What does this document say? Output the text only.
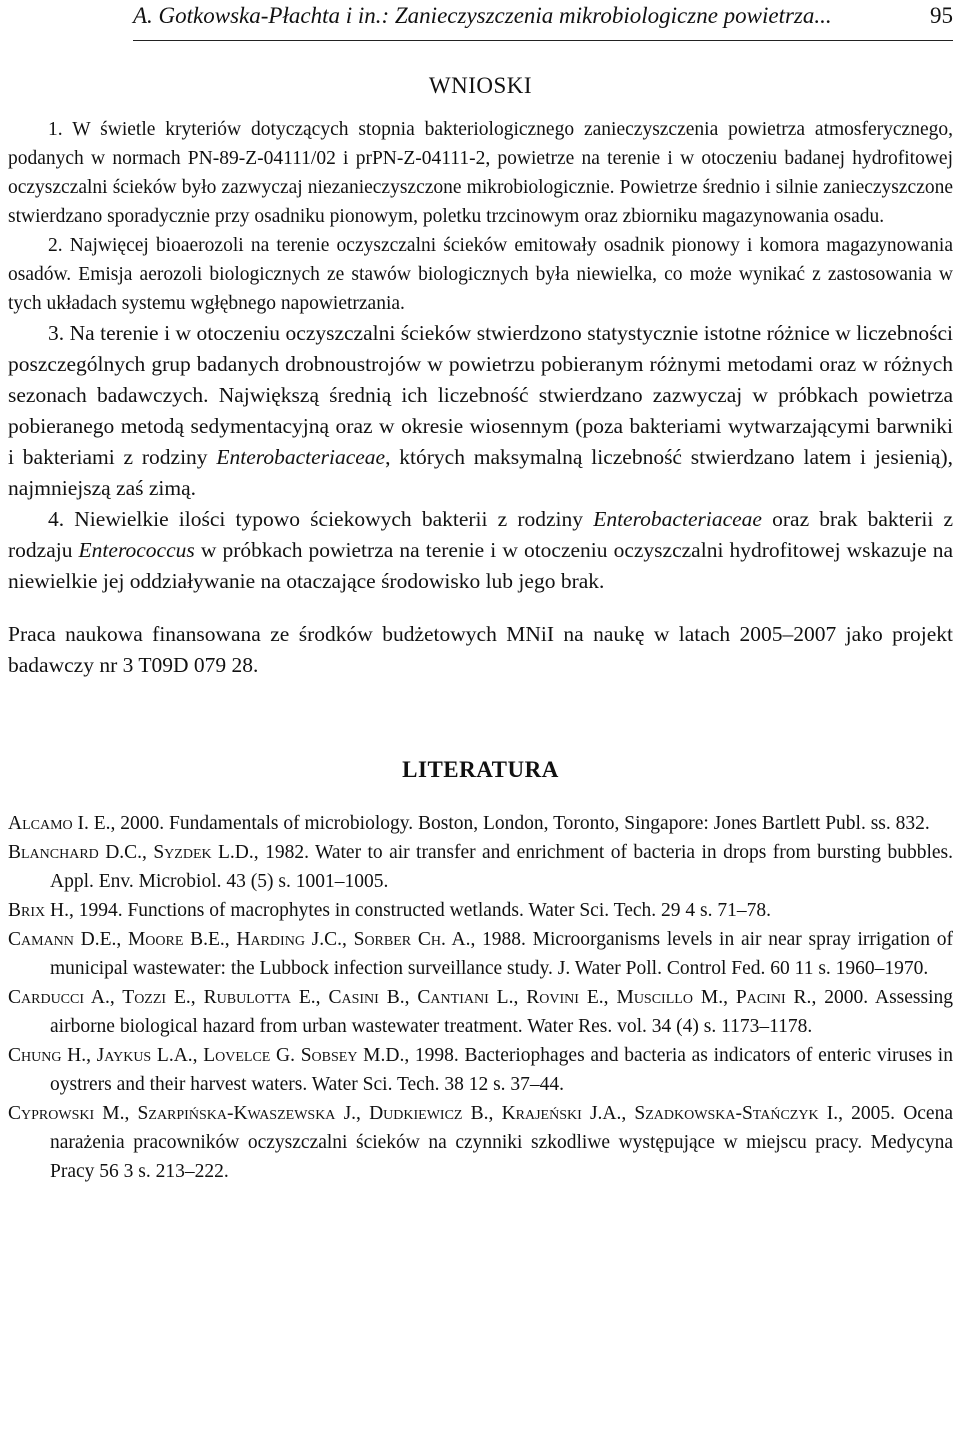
A. Gotkowska-Płachta i in.: Zanieczyszczenia mikrobiologiczne powietrza...	95
WNIOSKI

1. W świetle kryteriów dotyczących stopnia bakteriologicznego zanieczyszczenia powietrza atmosferycznego, podanych w normach PN-89-Z-04111/02 i prPN-Z-04111-2, powietrze na terenie i w otoczeniu badanej hydrofitowej oczyszczalni ścieków było zazwyczaj niezanieczyszczone mikrobiologicznie. Powietrze średnio i silnie zanieczyszczone stwierdzano sporadycznie przy osadniku pionowym, poletku trzcinowym oraz zbiorniku magazynowania osadu.

2. Najwięcej bioaerozoli na terenie oczyszczalni ścieków emitowały osadnik pionowy i komora magazynowania osadów. Emisja aerozoli biologicznych ze stawów biologicznych była niewielka, co może wynikać z zastosowania w tych układach systemu wgłębnego napowietrzania.

3. Na terenie i w otoczeniu oczyszczalni ścieków stwierdzono statystycznie istotne różnice w liczebności poszczególnych grup badanych drobnoustrojów w powietrzu pobieranym różnymi metodami oraz w różnych sezonach badawczych. Największą średnią ich liczebność stwierdzano zazwyczaj w próbkach powietrza pobieranego metodą sedymentacyjną oraz w okresie wiosennym (poza bakteriami wytwarzającymi barwniki i bakteriami z rodziny Enterobacteriaceae, których maksymalną liczebność stwierdzano latem i jesienią), najmniejszą zaś zimą.

4. Niewielkie ilości typowo ściekowych bakterii z rodziny Enterobacteriaceae oraz brak bakterii z rodzaju Enterococcus w próbkach powietrza na terenie i w otoczeniu oczyszczalni hydrofitowej wskazuje na niewielkie jej oddziaływanie na otaczające środowisko lub jego brak.

Praca naukowa finansowana ze środków budżetowych MNiI na naukę w latach 2005–2007 jako projekt badawczy nr 3 T09D 079 28.

LITERATURA

Alcamo I. E., 2000. Fundamentals of microbiology. Boston, London, Toronto, Singapore: Jones Bartlett Publ. ss. 832.

Blanchard D.C., Syzdek L.D., 1982. Water to air transfer and enrichment of bacteria in drops from bursting bubbles. Appl. Env. Microbiol. 43 (5) s. 1001–1005.

Brix H., 1994. Functions of macrophytes in constructed wetlands. Water Sci. Tech. 29 4 s. 71–78.

Camann D.E., Moore B.E., Harding J.C., Sorber Ch. A., 1988. Microorganisms levels in air near spray irrigation of municipal wastewater: the Lubbock infection surveillance study. J. Water Poll. Control Fed. 60 11 s. 1960–1970.

Carducci A., Tozzi E., Rubulotta E., Casini B., Cantiani L., Rovini E., Muscillo M., Pacini R., 2000. Assessing airborne biological hazard from urban wastewater treatment. Water Res. vol. 34 (4) s. 1173–1178.

Chung H., Jaykus L.A., Lovelce G. Sobsey M.D., 1998. Bacteriophages and bacteria as indicators of enteric viruses in oystrers and their harvest waters. Water Sci. Tech. 38 12 s. 37–44.

Cyprowski M., Szarpińska-Kwaszewska J., Dudkiewicz B., Krajeński J.A., Szadkowska-Stańczyk I., 2005. Ocena narażenia pracowników oczyszczalni ścieków na czynniki szkodliwe występujące w miejscu pracy. Medycyna Pracy 56 3 s. 213–222.
